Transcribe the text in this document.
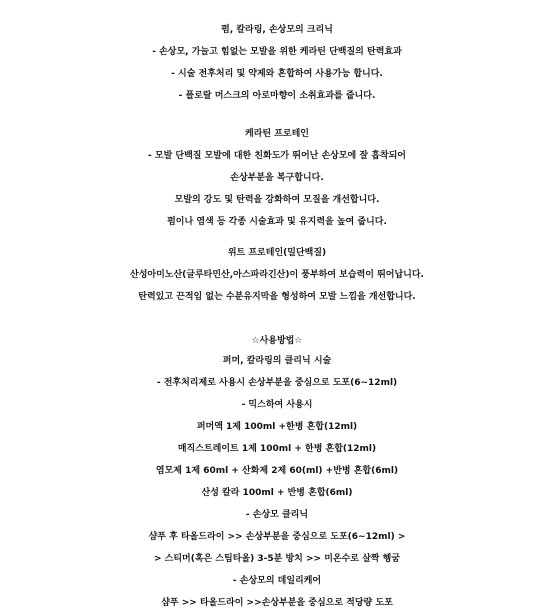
펌, 칼라링, 손상모의 크리닉
- 손상모, 가늘고 힘없는 모발을 위한 케라틴 단백질의 탄력효과
- 시술 전후처리 및 약제와 혼합하여 사용가능 합니다.
- 플로랄 머스크의 아로마향이 소취효과를 줍니다.
케라틴 프로테인
- 모발 단백질 모발에 대한 친화도가 뛰어난 손상모에 잘 흡착되어
손상부분을 복구합니다.
모발의 강도 및 탄력을 강화하여 모질을 개선합니다.
펌이나 염색 등 각종 시술효과 및 유지력을 높여 줍니다.
위트 프로테인(밀단백질)
산성아미노산(글루타민산,아스파라긴산)이 풍부하여 보습력이 뛰어납니다.
탄력있고 끈적임 없는 수분유지막을 형성하여 모발 느낌을 개선합니다.
☆사용방법☆
퍼머, 칼라링의 클리닉 시술
- 전후처리제로 사용시 손상부분을 중심으로 도포(6~12ml)
- 믹스하여 사용시
퍼머액 1제 100ml +한병 혼합(12ml)
매직스트레이트 1제 100ml + 한병 혼합(12ml)
염모제 1제 60ml + 산화제 2제 60(ml) +반병 혼합(6ml)
산성 칼라 100ml + 반병 혼합(6ml)
- 손상모 클리닉
샴푸 후 타올드라이 >> 손상부분을 중심으로 도포(6~12ml) >
> 스티머(혹은 스팀타올) 3-5분 방치 >> 미온수로 살짝 헹굼
- 손상모의 데일리케어
샴푸 >> 타올드라이 >>손상부분을 중심으로 적당량 도포
